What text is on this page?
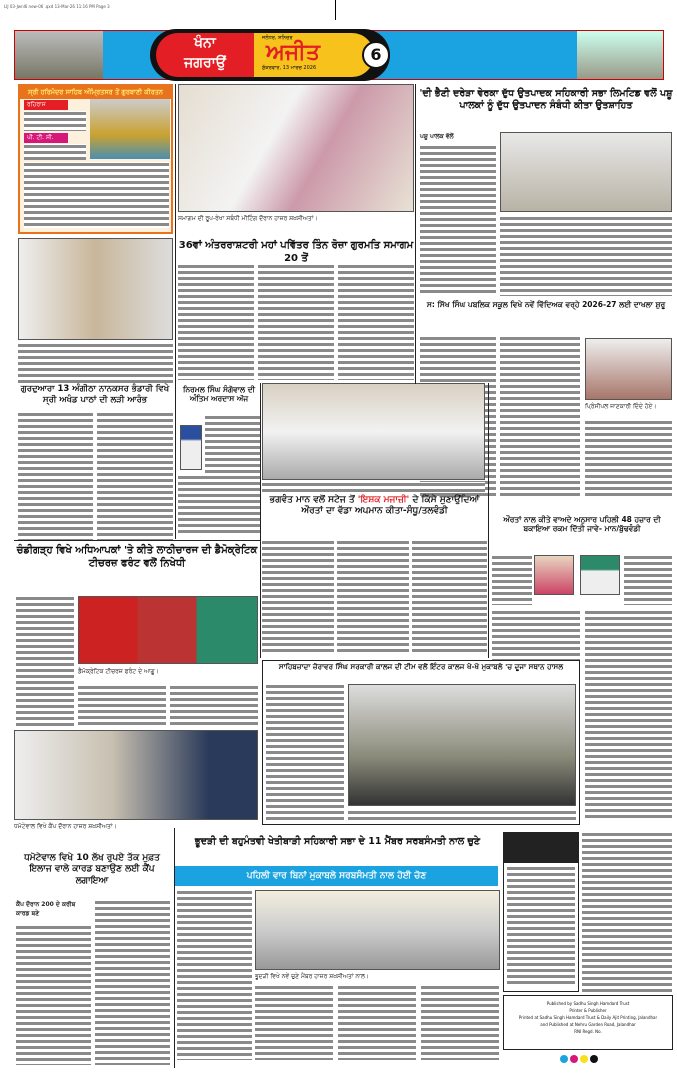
LIJ 03-Jwnl6 new-06 .qxd 13-Mar-26 11:16 PM Page 3
ਖੰਨਾ
ਜਗਰਾਉਂ
ਜਲੰਧਰ, ਸ਼ਨਿਚਰ
ਅਜੀਤ
ਸ਼ੁੱਕਰਵਾਰ, 13 ਮਾਰਚ 2026
6
ਸ੍ਰੀ ਹਰਿਮੰਦਰ ਸਾਹਿਬ ਅੰਮ੍ਰਿਤਸਰ ਤੋਂ ਗੁਰਬਾਣੀ ਕੀਰਤਨ
ਰਹਿਰਾਸ
ਪੀ. ਟੀ. ਸੀ.
ਗੁਰਦੁਆਰਾ 13 ਅੰਗੀਠਾ ਨਾਨਕਸਰ ਭੰਡਾਰੀ ਵਿਖੇ ਸ੍ਰੀ ਅਖੰਡ ਪਾਠਾਂ ਦੀ ਲੜੀ ਆਰੰਭ
ਸਮਾਗਮ ਦੀ ਰੂਪ-ਰੇਖਾ ਸਬੰਧੀ ਮੀਟਿੰਗ ਦੌਰਾਨ ਹਾਜ਼ਰ ਸ਼ਖ਼ਸੀਅਤਾਂ।
36ਵਾਂ ਅੰਤਰਰਾਸ਼ਟਰੀ ਮਹਾਂ ਪਵਿੱਤਰ ਤਿੰਨ ਰੋਜ਼ਾ ਗੁਰਮਤਿ ਸਮਾਗਮ 20 ਤੋਂ
'ਦੀ ਭੈਣੀ ਦਰੇੜਾ ਵੇਰਕਾ ਦੁੱਧ ਉਤਪਾਦਕ ਸਹਿਕਾਰੀ ਸਭਾ ਲਿਮਟਿਡ ਵਲੋਂ ਪਸ਼ੂ ਪਾਲਕਾਂ ਨੂੰ ਦੁੱਧ ਉਤਪਾਦਨ ਸੰਬੰਧੀ ਕੀਤਾ ਉਤਸ਼ਾਹਿਤ
ਪਸ਼ੂ ਪਾਲਕ ਵੱਲੋਂ
ਸ: ਸਿੱਖ ਸਿੰਘ ਪਬਲਿਕ ਸਕੂਲ ਵਿਖੇ ਨਵੇਂ ਵਿੱਦਿਅਕ ਵਰ੍ਹੇ 2026-27 ਲਈ ਦਾਖਲਾ ਸ਼ੁਰੂ
ਪ੍ਰਿੰਸੀਪਲ ਜਾਣਕਾਰੀ ਦਿੰਦੇ ਹੋਏ।
ਨਿਰਮਲ ਸਿੰਘ ਸੰਗੋਵਾਲ ਦੀ ਅੰਤਿਮ ਅਰਦਾਸ ਅੱਜ
ਭਗਵੰਤ ਮਾਨ ਵਲੋਂ ਸਟੇਜ ਤੋਂ 'ਇਸ਼ਕ ਮਜਾਜ਼ੀ' ਦੇ ਕਿੱਸੇ ਸੁਣਾਉਂਦਿਆਂ ਔਰਤਾਂ ਦਾ ਵੱਡਾ ਅਪਮਾਨ ਕੀਤਾ-ਸੰਧੂ/ਤਲਵੰਡੀ
ਔਰਤਾਂ ਨਾਲ ਕੀਤੇ ਵਾਅਦੇ ਅਨੁਸਾਰ ਪਹਿਲੀ 48 ਹਜ਼ਾਰ ਦੀ ਬਕਾਇਆ ਰਕਮ ਦਿੱਤੀ ਜਾਵੇ- ਮਾਨ/ਬੁੱਢਵੰਡੀ
ਚੰਡੀਗੜ੍ਹ ਵਿਖੇ ਅਧਿਆਪਕਾਂ 'ਤੇ ਕੀਤੇ ਲਾਠੀਚਾਰਜ ਦੀ ਡੈਮੋਕ੍ਰੇਟਿਕ ਟੀਚਰਜ਼ ਫਰੰਟ ਵਲੋਂ ਨਿਖੇਧੀ
ਡੈਮੋਕ੍ਰੇਟਿਕ ਟੀਚਰਜ਼ ਫਰੰਟ ਦੇ ਆਗੂ।
ਸਾਹਿਬਜ਼ਾਦਾ ਜ਼ੋਰਾਵਰ ਸਿੰਘ ਸਰਕਾਰੀ ਕਾਲਜ ਦੀ ਟੀਮ ਵਲੋਂ ਇੰਟਰ ਕਾਲਜ ਖੋ-ਖੋ ਮੁਕਾਬਲੇ 'ਚ ਦੂਜਾ ਸਥਾਨ ਹਾਸਲ
ਧਮੋਟੇਵਾਲ ਵਿਖੇ ਕੈਂਪ ਦੌਰਾਨ ਹਾਜ਼ਰ ਸ਼ਖ਼ਸੀਅਤਾਂ।
ਧਮੋਟੇਵਾਲ ਵਿਖੇ 10 ਲੱਖ ਰੁਪਏ ਤੱਕ ਮੁਫ਼ਤ ਇਲਾਜ ਵਾਲੇ ਕਾਰਡ ਬਣਾਉਣ ਲਈ ਕੈਂਪ ਲਗਾਇਆ
ਕੈਂਪ ਦੌਰਾਨ 200 ਦੇ ਕਰੀਬ ਕਾਰਡ ਬਣੇ
ਭੂਦੜੀ ਦੀ ਬਹੁਮੰਤਵੀ ਖੇਤੀਬਾੜੀ ਸਹਿਕਾਰੀ ਸਭਾ ਦੇ 11 ਮੈਂਬਰ ਸਰਬਸੰਮਤੀ ਨਾਲ ਚੁਣੇ
ਪਹਿਲੀ ਵਾਰ ਬਿਨਾਂ ਮੁਕਾਬਲੇ ਸਰਬਸੰਮਤੀ ਨਾਲ ਹੋਈ ਚੋਣ
ਭੂਦੜੀ ਵਿਖੇ ਨਵੇਂ ਚੁਣੇ ਮੈਂਬਰ ਹਾਜ਼ਰ ਸ਼ਖ਼ਸੀਅਤਾਂ ਨਾਲ।
Published by Sadhu Singh Hamdard Trust
Printer & Publisher
Printed at Sadhu Singh Hamdard Trust & Daily Ajit Printing, Jalandhar
and Published at Nehru Garden Road, Jalandhar
RNI Regd. No.
